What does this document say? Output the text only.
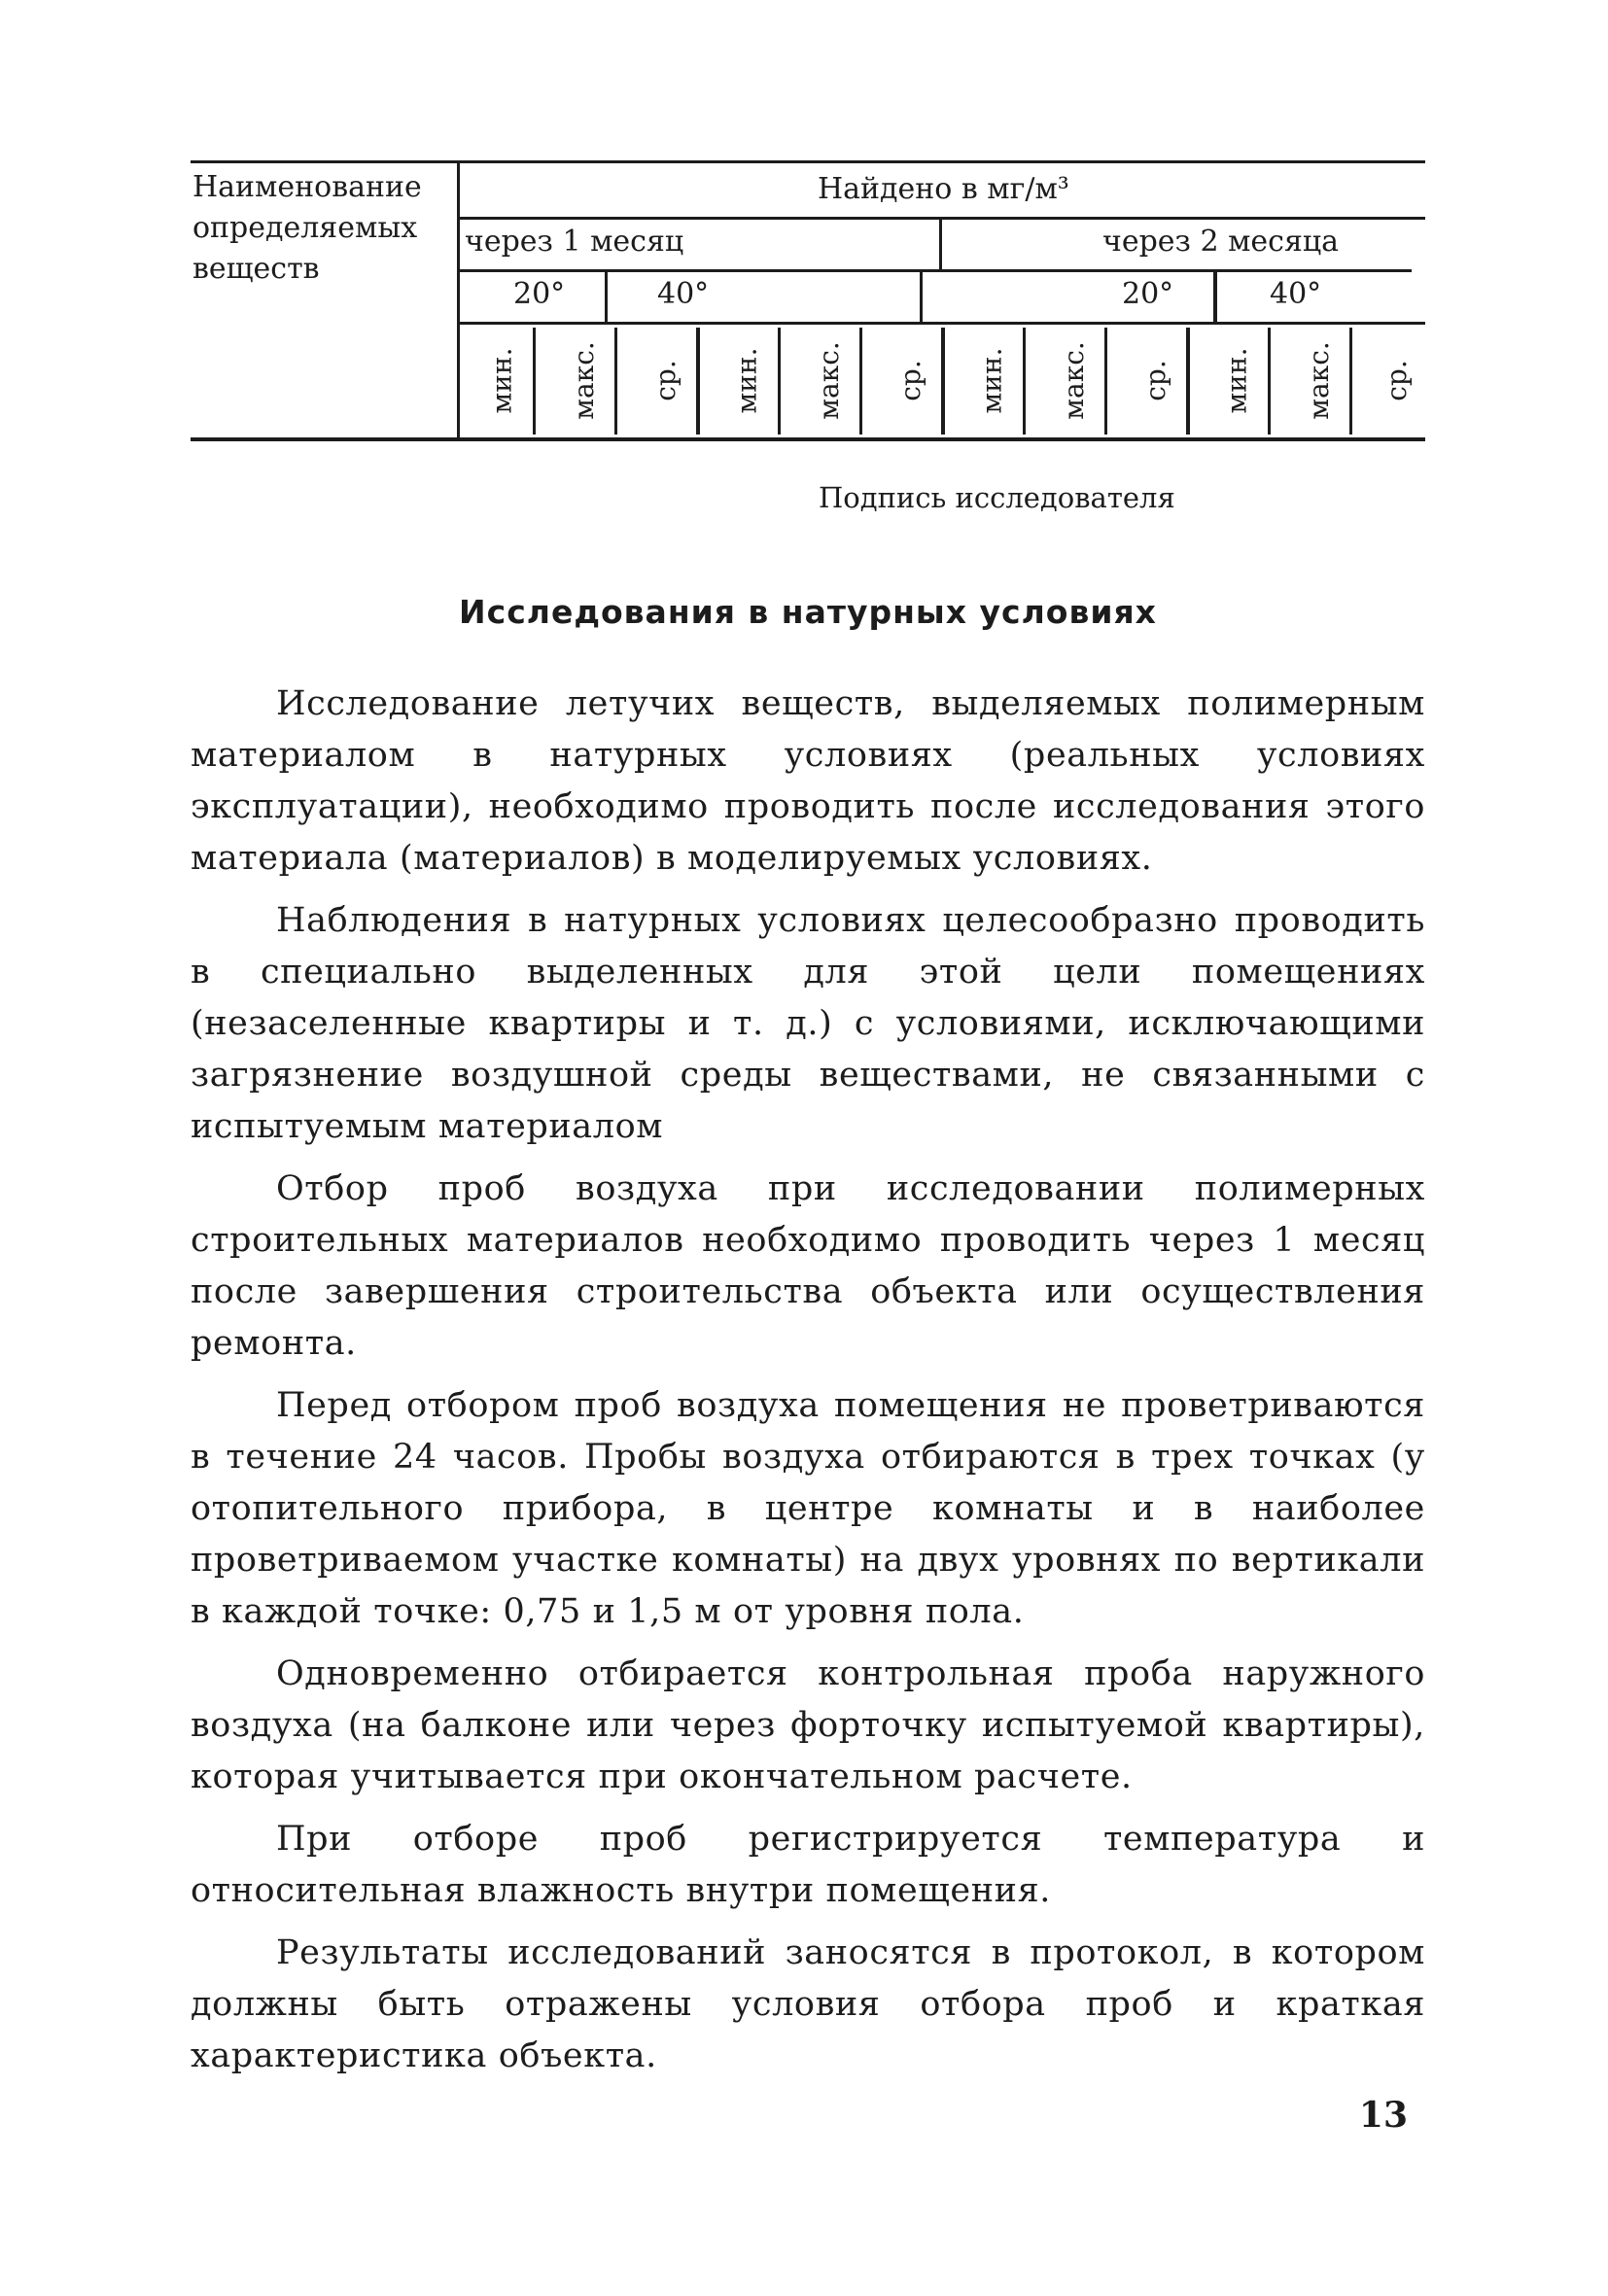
Наименование
определяемых
веществ
Найдено в мг/м³
через 1 месяц	через 2 месяца
20°	40°	20°	40°
мин. макс. ср. мин. макс. ср. мин. макс. ср. мин. макс. ср.
Подпись исследователя
Исследования в натурных условиях

Исследование летучих веществ, выделяемых полимерным материалом в натурных условиях (реальных условиях эксплуатации), необходимо проводить после исследования этого материала (материалов) в моделируемых условиях.

Наблюдения в натурных условиях целесообразно проводить в специально выделенных для этой цели помещениях (незаселенные квартиры и т. д.) с условиями, исключающими загрязнение воздушной среды веществами, не связанными с испытуемым материалом

Отбор проб воздуха при исследовании полимерных строительных материалов необходимо проводить через 1 месяц после завершения строительства объекта или осуществления ремонта.

Перед отбором проб воздуха помещения не проветриваются в течение 24 часов. Пробы воздуха отбираются в трех точках (у отопительного прибора, в центре комнаты и в наиболее проветриваемом участке комнаты) на двух уровнях по вертикали в каждой точке: 0,75 и 1,5 м от уровня пола.

Одновременно отбирается контрольная проба наружного воздуха (на балконе или через форточку испытуемой квартиры), которая учитывается при окончательном расчете.

При отборе проб регистрируется температура и относительная влажность внутри помещения.

Результаты исследований заносятся в протокол, в котором должны быть отражены условия отбора проб и краткая характеристика объекта.

13
